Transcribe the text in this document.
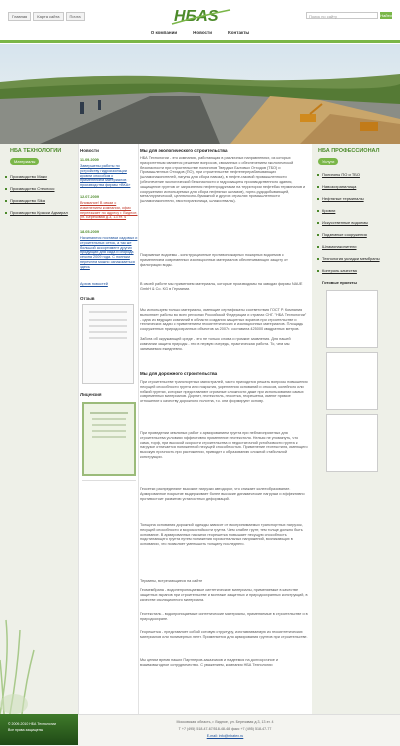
Главная	Карта сайта	Почта	НБАS	Поиск по сайту	Найти
О компании	Новости	Контакты
НБА ТЕХНОЛОГИИ
Материалы
Производство Маки
Производство Стеклосс
Производство Sika
Производство Краски Адмирал
Новости
11.09.2009
Завершены работы по устройству гидроизоляции кровли способом с применением материалов производства фирмы «ВКА»
12.07.2009
Внимание! В связи с изменением компании, офис переезжает по адресу г. Видное, ул. Березовая д.3, 13 эт. 4
18.05.2009
Начинаются поставки садовых и строительных сеток, а так же большой ассортимент других продукции для сада и огорода сезона 2009 года. С полным перечнем можно ознакомиться здесь
Архив новостей
Отзыв
Лицензия
Мы для экологического строительства
НБА Технологии - это компания, работающая в различных направлениях, из которых приоритетным является решение вопросов, связанных с обеспечением экологической безопасности при строительстве полигонов Твердых Бытовых Отходов (ТБО) и Промышленных Отходов (ПО), при строительстве нефтеперерабатывающих (шламонакопителей, лагуны для сбора навоза), в нефте-газовой промышленности (обеспечение экологической безопасности и гидрозащиты производственного здания, защищение грунтов от загрязнения нефтепродуктами на территории нефтебаз терминалов и сооружениях используемых для сбора нефтяных шламов), горно-рудодобывающей, металлургической, целлюлозно-бумажной и других отраслях промышленности (шламонакопители, хвостохранилища, шлакоотвалы).
Покрывные водоемы - конструкционные противопожарных пожарных водоемов с применением современных изоляционных материалов обеспечивающих защиту от фильтрации воды.
В своей работе мы применяем материалы, которые производимы на заводах фирмы NAUE GmbH & Co. KG в Германии.
Мы используем только материалы, имеющие сертификаты соответствия ГОСТ Р. Компания выполняет работы во всех регионах Российской Федерации и странах СНГ. "НБА Технологии" - одна из ведущих компаний в области создания защитных экранов при строительстве и технических задач с применением геосинтетических и изоляционных материалов. Площадь сооруженных природоохранных объектов за 2007г. составила 425000 квадратных метров.
Забота об окружающей среде - это не только слова и громкие заявления. Для нашей компании защита природы - это в первую очередь, практическая работа. То, чем мы занимаемся ежедневно.
Мы для дорожного строительства
При строительстве транспортных магистралей, часто приходится решать вопросы повышения несущей способности грунта или покрытия, укрепления оснований и откосов, колейного или гибкий грунтах, которые представляют огромные сложности даже при использовании самых современных материалов. Дорнит, геотекстиль, геосетка, георешетка, имеют прямое отношение к качеству дорожного полотна, т.к. они формируют основу.
При проведении земляных работ с армированием грунта при неблагоприятных для строительства условиях эффективно применение геотекстиля. Нельзя не упомянуть, что сама, торф, при высокой скорости строительства и недостаточной устойчивости грунта к нагрузке отличается пониженной несущей способностью. Применение геотекстиля, имеющего высокую прочность при растяжении, приводит к образованию сложной стабильной конструкции.
Геосетки распределяют высокие нагрузки автодорог, что снижает колееобразование. Армированное покрытие выдерживает более высокие динамические нагрузки и эффективно противостоит развитию усталостных деформаций.
Толщина основания дорожной одежды зависит от воспринимаемых транспортных нагрузок, несущей способности и морозостойкости грунта. Чем слабее грунт, тем толще должно быть основание. В армированных насыпях георешетка повышает несущую способность подстилающего грунта путем понижения горизонтальных напряжений, возникающих в основании, что позволяет уменьшить толщину последнего.
Термины, встречающиеся на сайте
Геомембрана - водонепроницаемые синтетические материалы, применяемые в качестве защитных экранов при строительстве и монтаже защитных и природоохранных конструкций, в качестве изоляционного материала.
Геотекстиль - водопроницаемые синтетические материалы, применяемые в строительстве и в природоохране.
Георешетка - представляет собой сотовую структуру, изготавливаемую из геосинтетических материалов или полимерных лент. Применяется для армирования грунтов при строительстве.
Мы ценим время наших Партнеров-заказчиков и надеемся на долгосрочное и взаимовыгодное сотрудничество. С уважением, компания НБА Технологии
НБА ПРОФЕССИОНАЛ
Услуги
Полигоны ПО и ТБО
Навозохранилища
Нефтяные терминалы
Кровли
Искусственные водоемы
Подземные сооружения
Шламонакопители
Технология укладки мембраны
Контроль качества
Готовые проекты
© 2009-2010 НБА Технологии
Все права защищены
Московская область, г. Видное, ул. Березовая д.3, 13 эт. 4
Т +7 (495) 518-47-67/518-48-48 факс +7 (495) 518-47-77
E-mail: info@nbatex.ru
